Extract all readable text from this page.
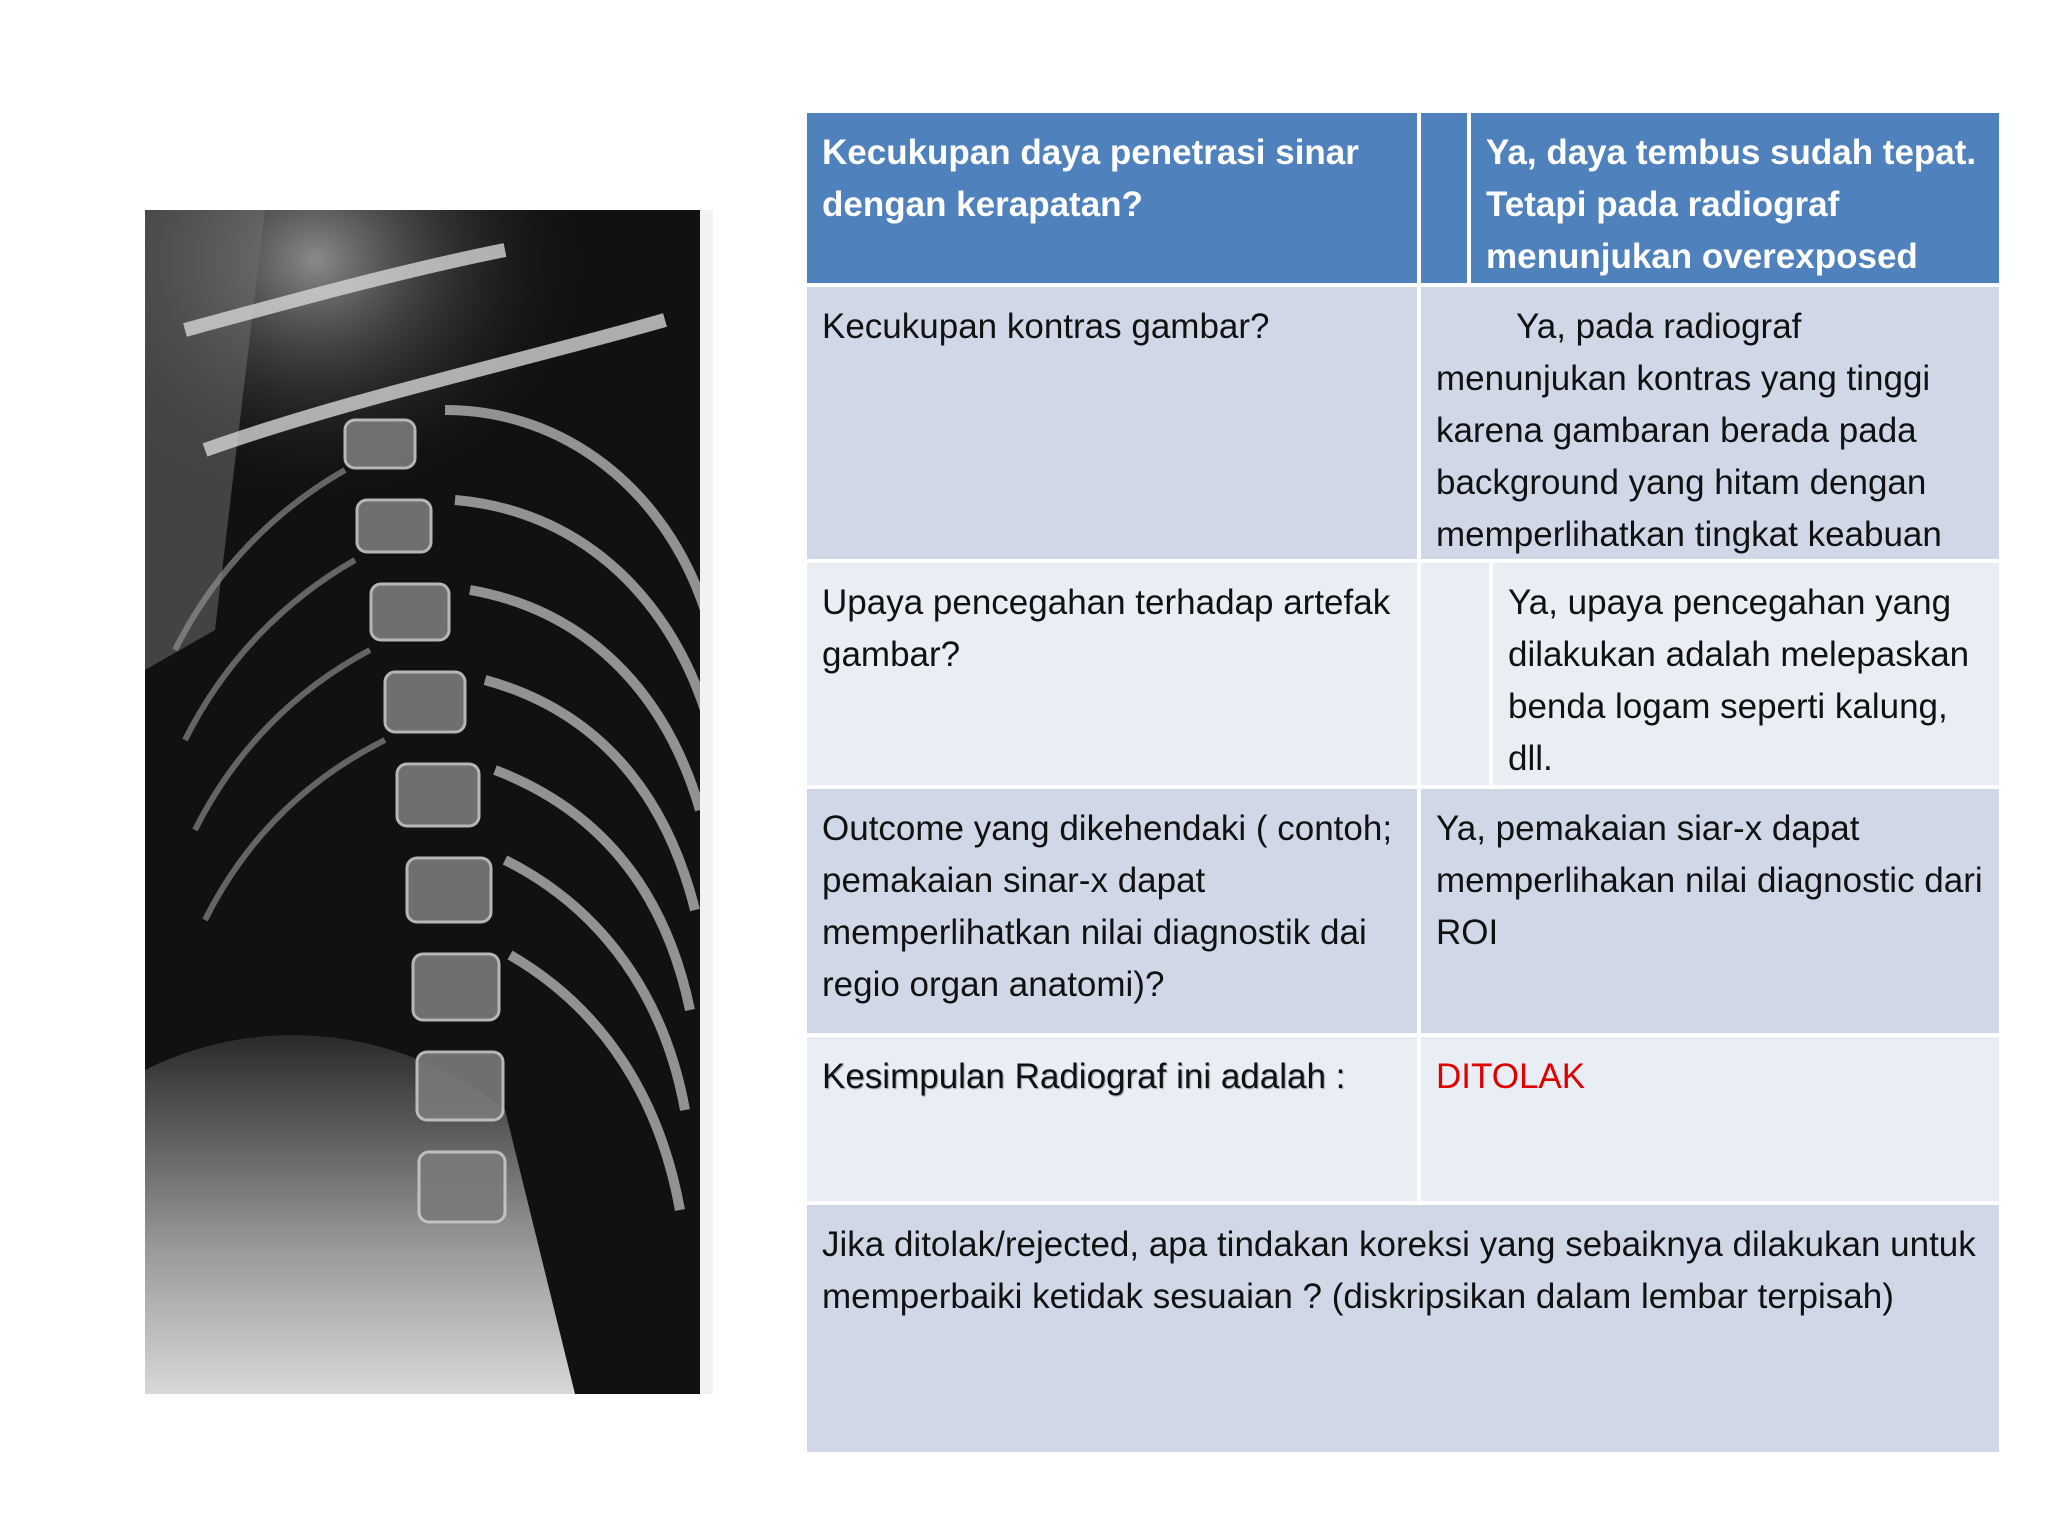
Kecukupan daya penetrasi sinar dengan kerapatan?
Ya, daya tembus sudah tepat. Tetapi pada radiograf menunjukan overexposed
Kecukupan kontras gambar?	Ya, pada radiograf menunjukan kontras yang tinggi karena gambaran berada pada background yang hitam dengan memperlihatkan tingkat keabuan
Upaya pencegahan terhadap artefak gambar?
Ya, upaya pencegahan yang dilakukan adalah melepaskan benda logam seperti kalung, dll.
Outcome yang dikehendaki ( contoh; pemakaian sinar-x dapat memperlihatkan nilai diagnostik dai regio organ anatomi)?
Ya, pemakaian siar-x dapat memperlihakan nilai diagnostic dari ROI
Kesimpulan Radiograf ini adalah :	DITOLAK
Jika ditolak/rejected, apa tindakan koreksi yang sebaiknya dilakukan untuk memperbaiki ketidak sesuaian ? (diskripsikan dalam lembar terpisah)
